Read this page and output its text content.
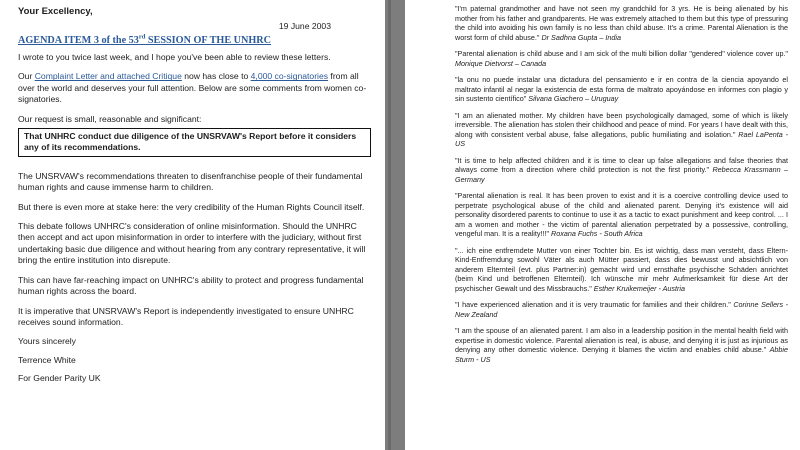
Your Excellency,

19 June 2003

AGENDA ITEM 3 of the 53rd SESSION OF THE UNHRC

I wrote to you twice last week, and I hope you've been able to review these letters.

Our Complaint Letter and attached Critique now has close to 4,000 co-signatories from all over the world and deserves your full attention. Below are some comments from women co-signatories.

Our request is small, reasonable and significant:

That UNHRC conduct due diligence of the UNSRVAW's Report before it considers any of its recommendations.

The UNSRVAW's recommendations threaten to disenfranchise people of their fundamental human rights and cause immense harm to children.

But there is even more at stake here: the very credibility of the Human Rights Council itself.

This debate follows UNHRC's consideration of online misinformation. Should the UNHRC then accept and act upon misinformation in order to interfere with the judiciary, without first undertaking basic due diligence and without hearing from any contrary representative, it will bring the entire institution into disrepute.

This can have far-reaching impact on UNHRC's ability to protect and progress fundamental human rights across the board.

It is imperative that UNSRVAW's Report is independently investigated to ensure UNHRC receives sound information.

Yours sincerely

Terrence White

For Gender Parity UK

"I'm paternal grandmother and have not seen my grandchild for 3 yrs. He is being alienated by his mother from his father and grandparents. He was extremely attached to them but this type of pressuring the child into avoiding his own family is no less than child abuse. It's a crime. Parental Alienation is the worst form of child abuse." Dr Sadhna Gupta – India

"Parental alienation is child abuse and I am sick of the multi billion dollar "gendered" violence cover up." Monique Dietvorst – Canada

"la onu no puede instalar una dictadura del pensamiento e ir en contra de la ciencia apoyando el maltrato infantil al negar la existencia de esta forma de maltrato apoyándose en informes con plagio y sin sustento científico" Silvana Giachero – Uruguay

"I am an alienated mother. My children have been psychologically damaged, some of which is likely irreversible. The alienation has stolen their childhood and peace of mind. For years I have dealt with this, along with consistent verbal abuse, false allegations, public humiliating and isolation." Rael LaPenta - US

"It is time to help affected children and it is time to clear up false allegations and false theories that always come from a direction where child protection is not the first priority." Rebecca Krassmann – Germany

"Parental alienation is real. It has been proven to exist and it is a coercive controlling device used to perpetrate psychological abuse of the child and alienated parent. Denying it's existence will aid personality disordered parents to continue to use it as a tactic to exact punishment and keep control. ... I am a women and mother - the victim of parental alienation perpetrated by a possessive, controlling, vengeful man. It is a reality!!!" Roxana Fuchs - South Africa

"... ich eine entfremdete Mutter von einer Tochter bin. Es ist wichtig, dass man versteht, dass Eltern-Kind-Entfremdung sowohl Väter als auch Mütter passiert, dass dies bewusst und absichtlich von anderem Elternteil (evt. plus Partner:in) gemacht wird und ernsthafte psychische Schäden anrichtet (beim Kind und betroffenen Elternteil). Ich wünsche mir mehr Aufmerksamkeit für diese Art der psychischer Gewalt und des Missbrauchs." Esther Kruikemeijer - Austria

"I have experienced alienation and it is very traumatic for families and their children." Corinne Sellers - New Zealand

"I am the spouse of an alienated parent. I am also in a leadership position in the mental health field with expertise in domestic violence. Parental alienation is real, is abuse, and denying it is just as injurious as denying any other domestic violence. Denying it blames the victim and enables child abuse." Abbie Sturm - US
